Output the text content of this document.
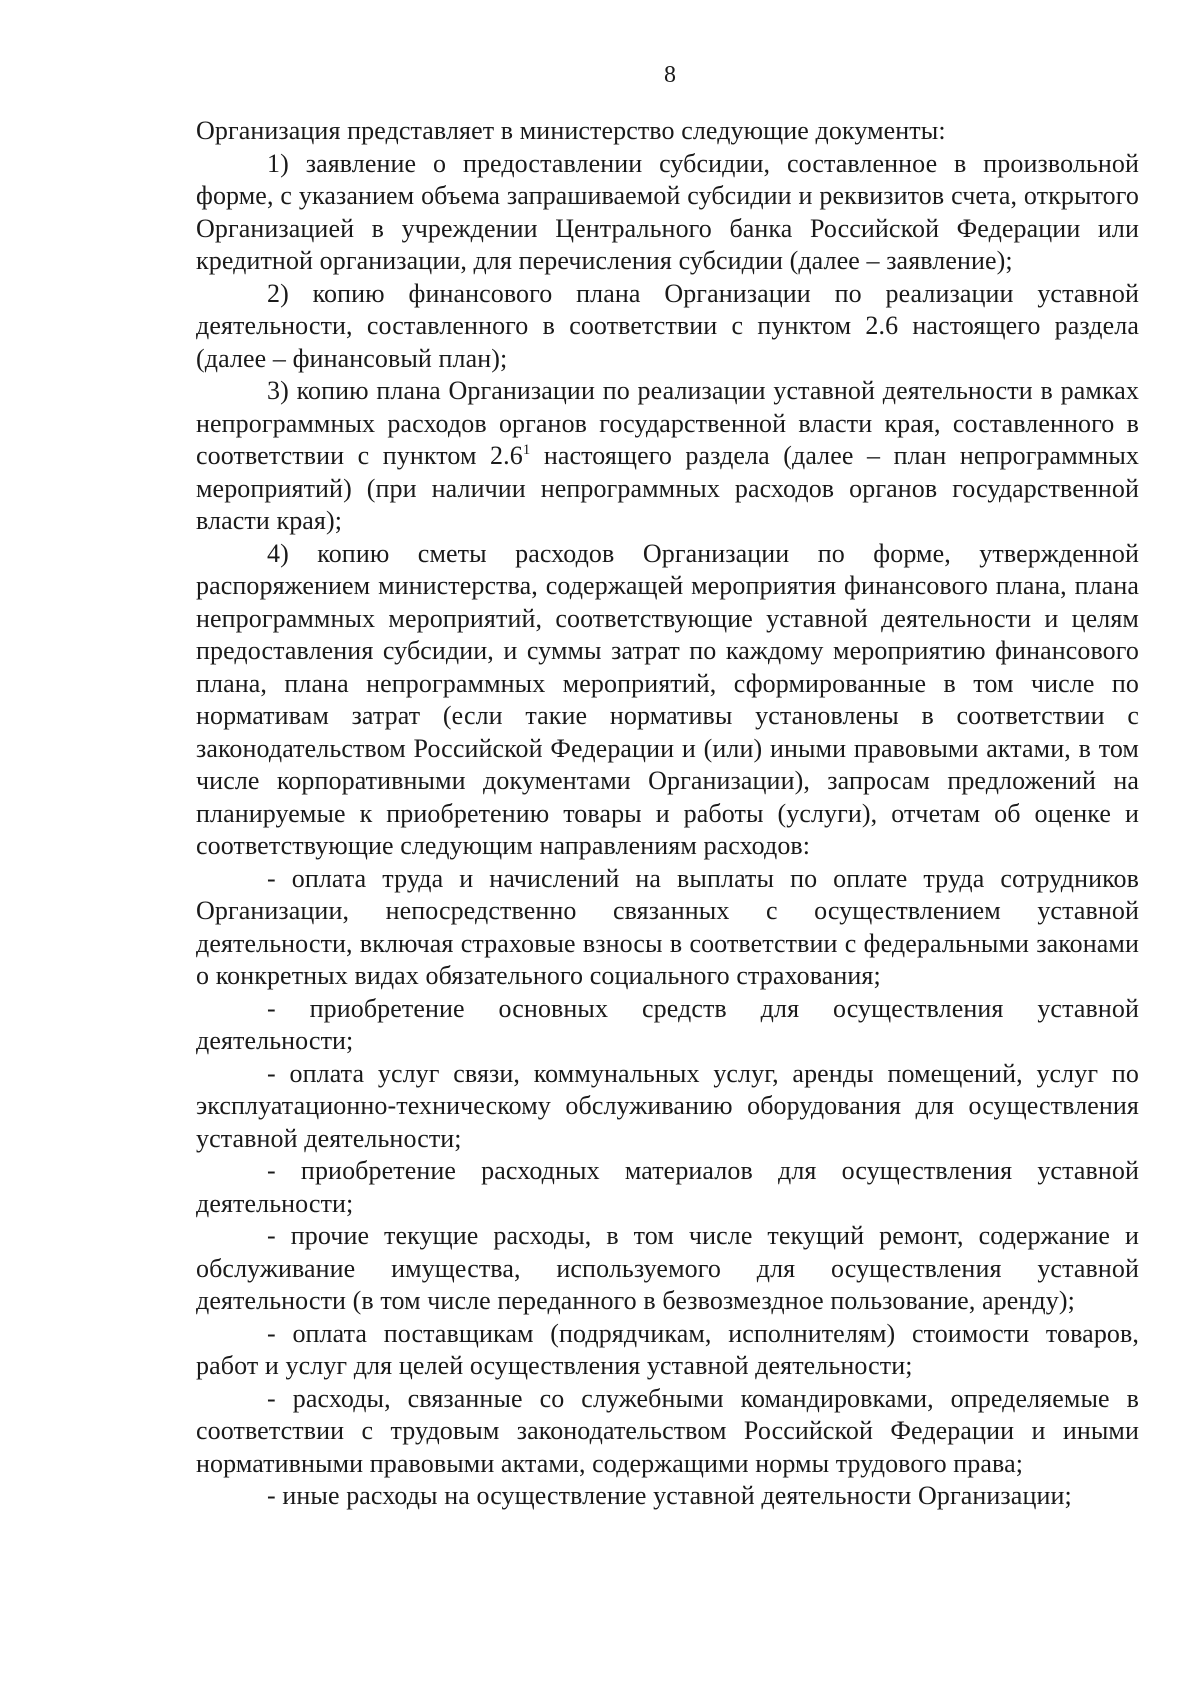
8

Организация представляет в министерство следующие документы:

1) заявление о предоставлении субсидии, составленное в произвольной форме, с указанием объема запрашиваемой субсидии и реквизитов счета, открытого Организацией в учреждении Центрального банка Российской Федерации или кредитной организации, для перечисления субсидии (далее – заявление);

2) копию финансового плана Организации по реализации уставной деятельности, составленного в соответствии с пунктом 2.6 настоящего раздела (далее – финансовый план);

3) копию плана Организации по реализации уставной деятельности в рамках непрограммных расходов органов государственной власти края, составленного в соответствии с пунктом $2.6^1$ настоящего раздела (далее – план непрограммных мероприятий) (при наличии непрограммных расходов органов государственной власти края);

4) копию сметы расходов Организации по форме, утвержденной распоряжением министерства, содержащей мероприятия финансового плана, плана непрограммных мероприятий, соответствующие уставной деятельности и целям предоставления субсидии, и суммы затрат по каждому мероприятию финансового плана, плана непрограммных мероприятий, сформированные в том числе по нормативам затрат (если такие нормативы установлены в соответствии с законодательством Российской Федерации и (или) иными правовыми актами, в том числе корпоративными документами Организации), запросам предложений на планируемые к приобретению товары и работы (услуги), отчетам об оценке и соответствующие следующим направлениям расходов:

- оплата труда и начислений на выплаты по оплате труда сотрудников Организации, непосредственно связанных с осуществлением уставной деятельности, включая страховые взносы в соответствии с федеральными законами о конкретных видах обязательного социального страхования;

- приобретение основных средств для осуществления уставной деятельности;

- оплата услуг связи, коммунальных услуг, аренды помещений, услуг по эксплуатационно-техническому обслуживанию оборудования для осуществления уставной деятельности;

- приобретение расходных материалов для осуществления уставной деятельности;

- прочие текущие расходы, в том числе текущий ремонт, содержание и обслуживание имущества, используемого для осуществления уставной деятельности (в том числе переданного в безвозмездное пользование, аренду);

- оплата поставщикам (подрядчикам, исполнителям) стоимости товаров, работ и услуг для целей осуществления уставной деятельности;

- расходы, связанные со служебными командировками, определяемые в соответствии с трудовым законодательством Российской Федерации и иными нормативными правовыми актами, содержащими нормы трудового права;

- иные расходы на осуществление уставной деятельности Организации;
